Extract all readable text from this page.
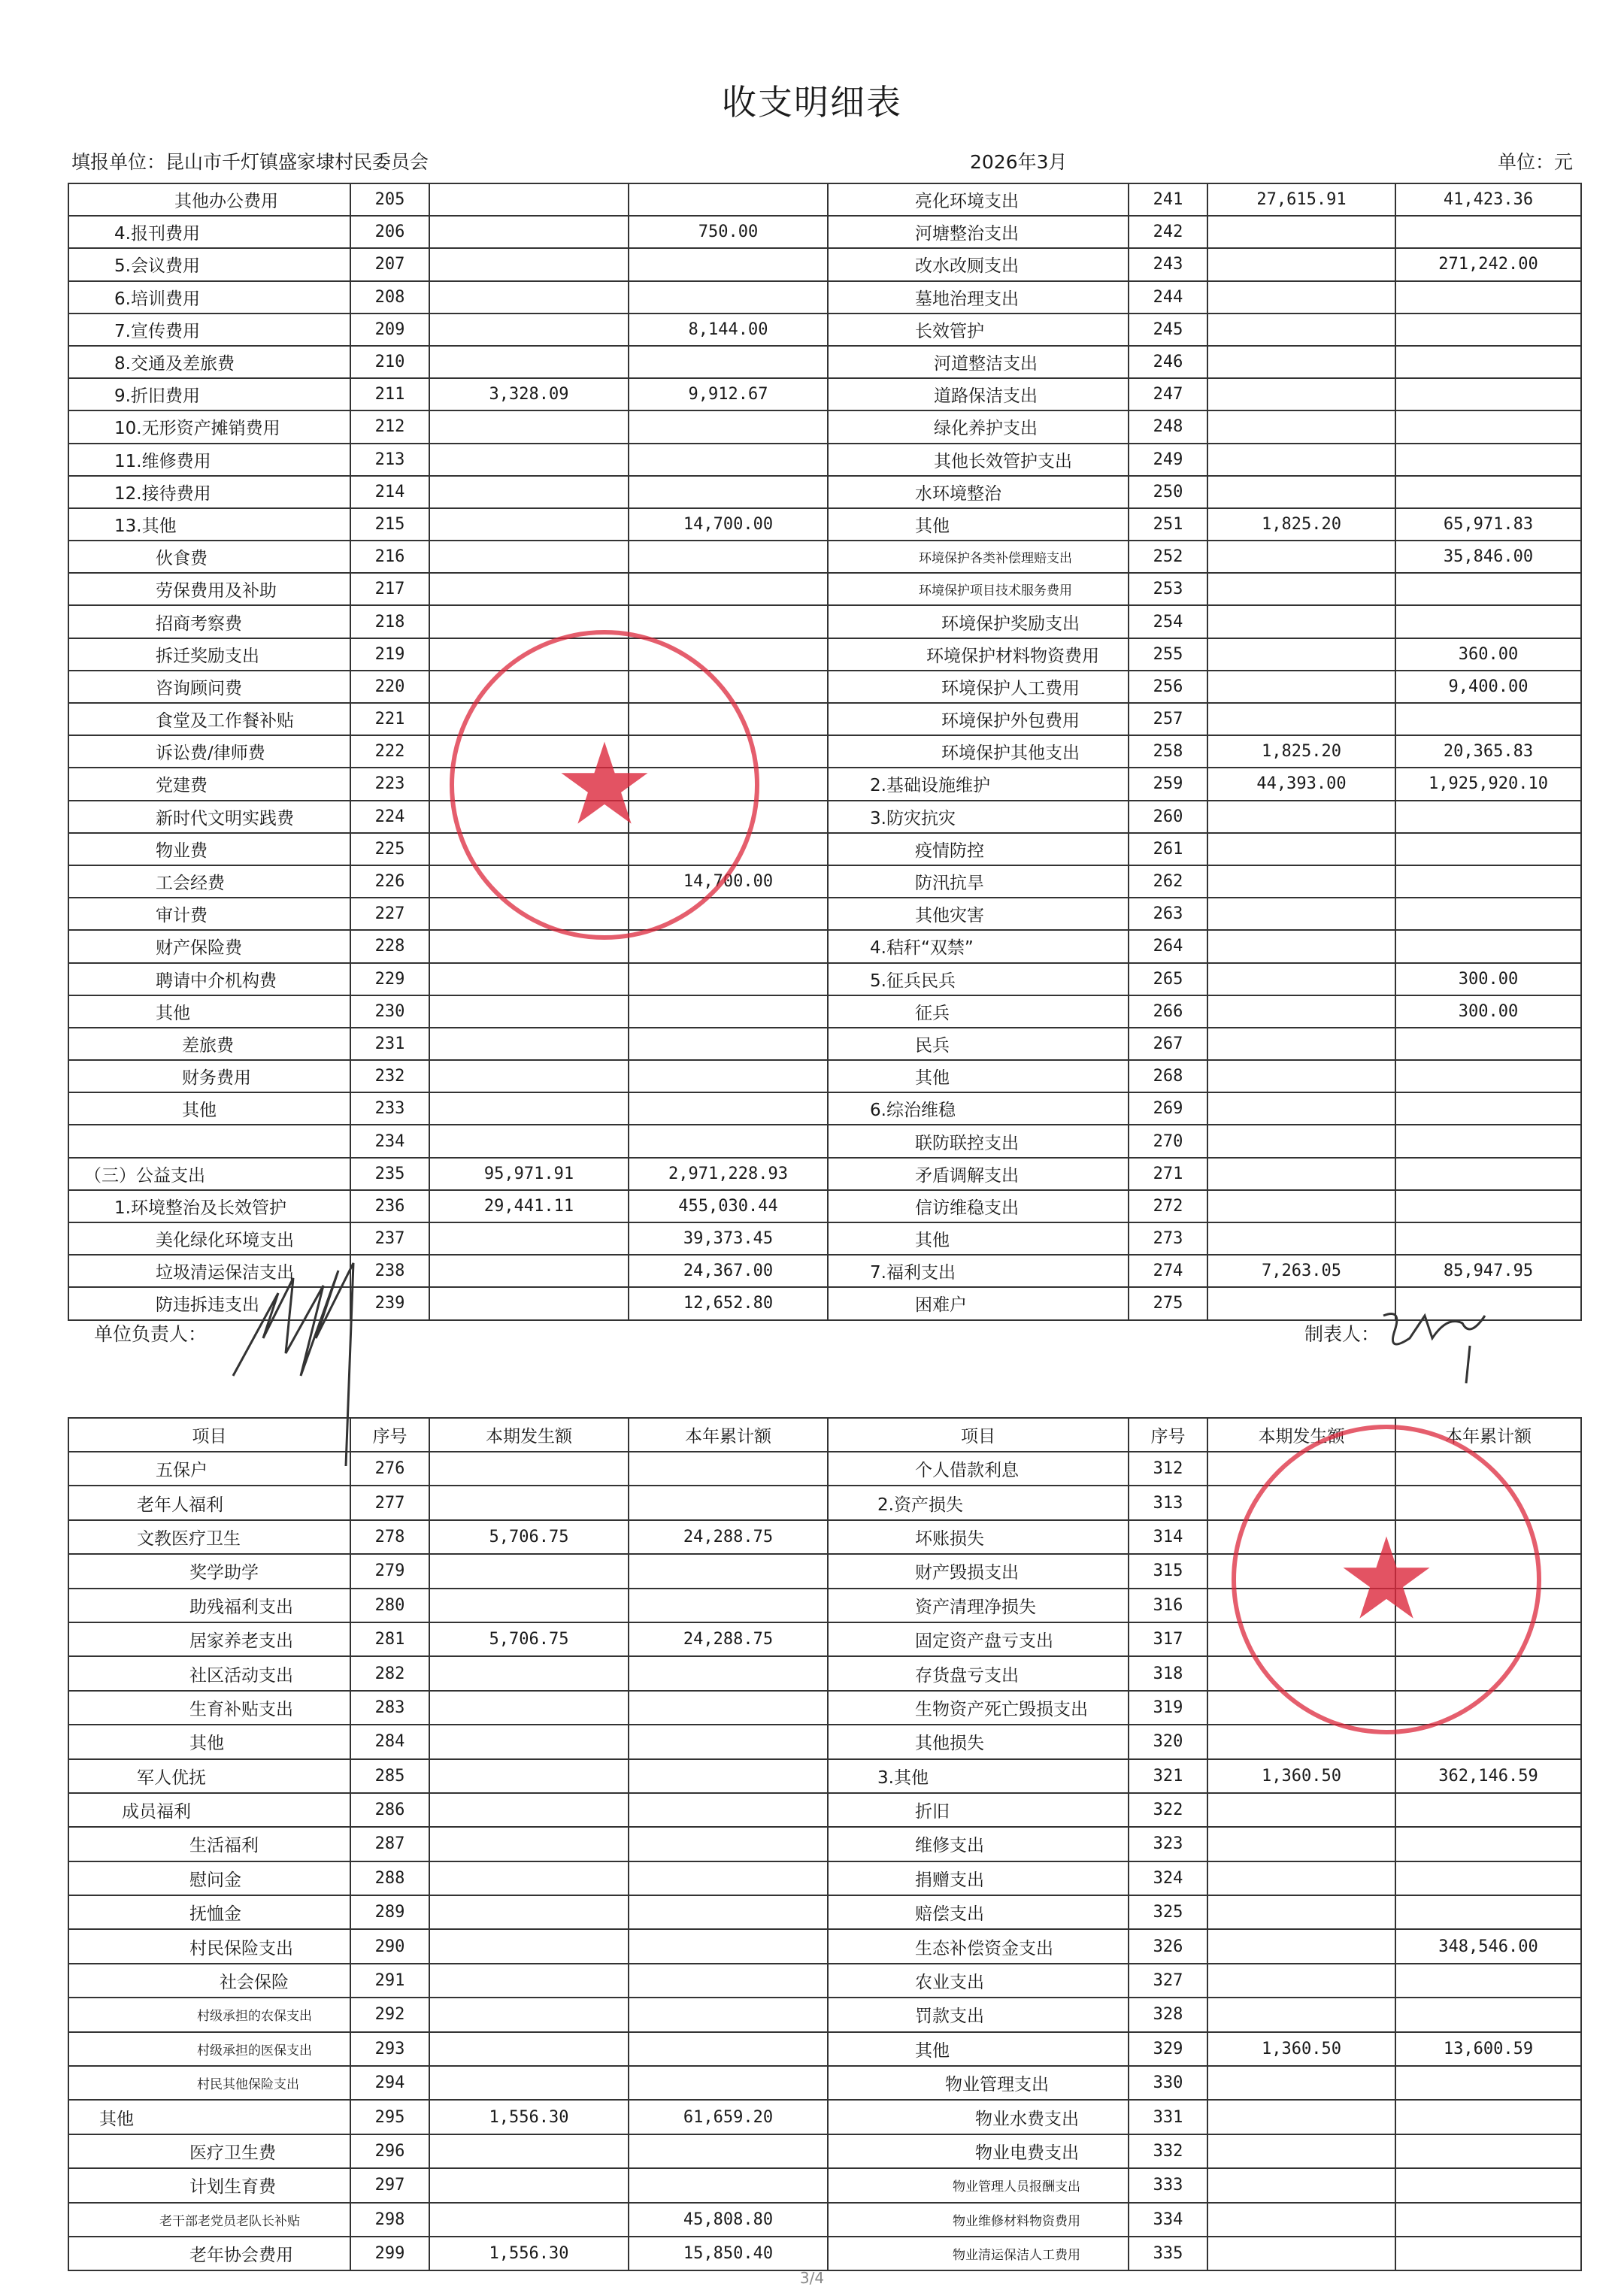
收支明细表
填报单位：昆山市千灯镇盛家埭村民委员会	2026年3月	单位：元
其他办公费用	205			亮化环境支出	241	27,615.91	41,423.36
4.报刊费用	206		750.00	河塘整治支出	242		
5.会议费用	207			改水改厕支出	243		271,242.00
6.培训费用	208			墓地治理支出	244		
7.宣传费用	209		8,144.00	长效管护	245		
8.交通及差旅费	210			河道整洁支出	246		
9.折旧费用	211	3,328.09	9,912.67	道路保洁支出	247		
10.无形资产摊销费用	212			绿化养护支出	248		
11.维修费用	213			其他长效管护支出	249		
12.接待费用	214			水环境整治	250		
13.其他	215		14,700.00	其他	251	1,825.20	65,971.83
伙食费	216			环境保护各类补偿理赔支出	252		35,846.00
劳保费用及补助	217			环境保护项目技术服务费用	253		
招商考察费	218			环境保护奖励支出	254		
拆迁奖励支出	219			环境保护材料物资费用	255		360.00
咨询顾问费	220			环境保护人工费用	256		9,400.00
食堂及工作餐补贴	221			环境保护外包费用	257		
诉讼费/律师费	222			环境保护其他支出	258	1,825.20	20,365.83
党建费	223			2.基础设施维护	259	44,393.00	1,925,920.10
新时代文明实践费	224			3.防灾抗灾	260		
物业费	225			疫情防控	261		
工会经费	226		14,700.00	防汛抗旱	262		
审计费	227			其他灾害	263		
财产保险费	228			4.秸秆“双禁”	264		
聘请中介机构费	229			5.征兵民兵	265		300.00
其他	230			征兵	266		300.00
差旅费	231			民兵	267		
财务费用	232			其他	268		
其他	233			6.综治维稳	269		
	234			联防联控支出	270		
（三）公益支出	235	95,971.91	2,971,228.93	矛盾调解支出	271		
1.环境整治及长效管护	236	29,441.11	455,030.44	信访维稳支出	272		
美化绿化环境支出	237		39,373.45	其他	273		
垃圾清运保洁支出	238		24,367.00	7.福利支出	274	7,263.05	85,947.95
防违拆违支出	239		12,652.80	困难户	275		
单位负责人：	制表人：
项目	序号	本期发生额	本年累计额	项目	序号	本期发生额	本年累计额
五保户	276			个人借款利息	312		
老年人福利	277			2.资产损失	313		
文教医疗卫生	278	5,706.75	24,288.75	坏账损失	314		
奖学助学	279			财产毁损支出	315		
助残福利支出	280			资产清理净损失	316		
居家养老支出	281	5,706.75	24,288.75	固定资产盘亏支出	317		
社区活动支出	282			存货盘亏支出	318		
生育补贴支出	283			生物资产死亡毁损支出	319		
其他	284			其他损失	320		
军人优抚	285			3.其他	321	1,360.50	362,146.59
成员福利	286			折旧	322		
生活福利	287			维修支出	323		
慰问金	288			捐赠支出	324		
抚恤金	289			赔偿支出	325		
村民保险支出	290			生态补偿资金支出	326		348,546.00
社会保险	291			农业支出	327		
村级承担的农保支出	292			罚款支出	328		
村级承担的医保支出	293			其他	329	1,360.50	13,600.59
村民其他保险支出	294			物业管理支出	330		
其他	295	1,556.30	61,659.20	物业水费支出	331		
医疗卫生费	296			物业电费支出	332		
计划生育费	297			物业管理人员报酬支出	333		
老干部老党员老队长补贴	298		45,808.80	物业维修材料物资费用	334		
老年协会费用	299	1,556.30	15,850.40	物业清运保洁人工费用	335		
★
★
3/4
